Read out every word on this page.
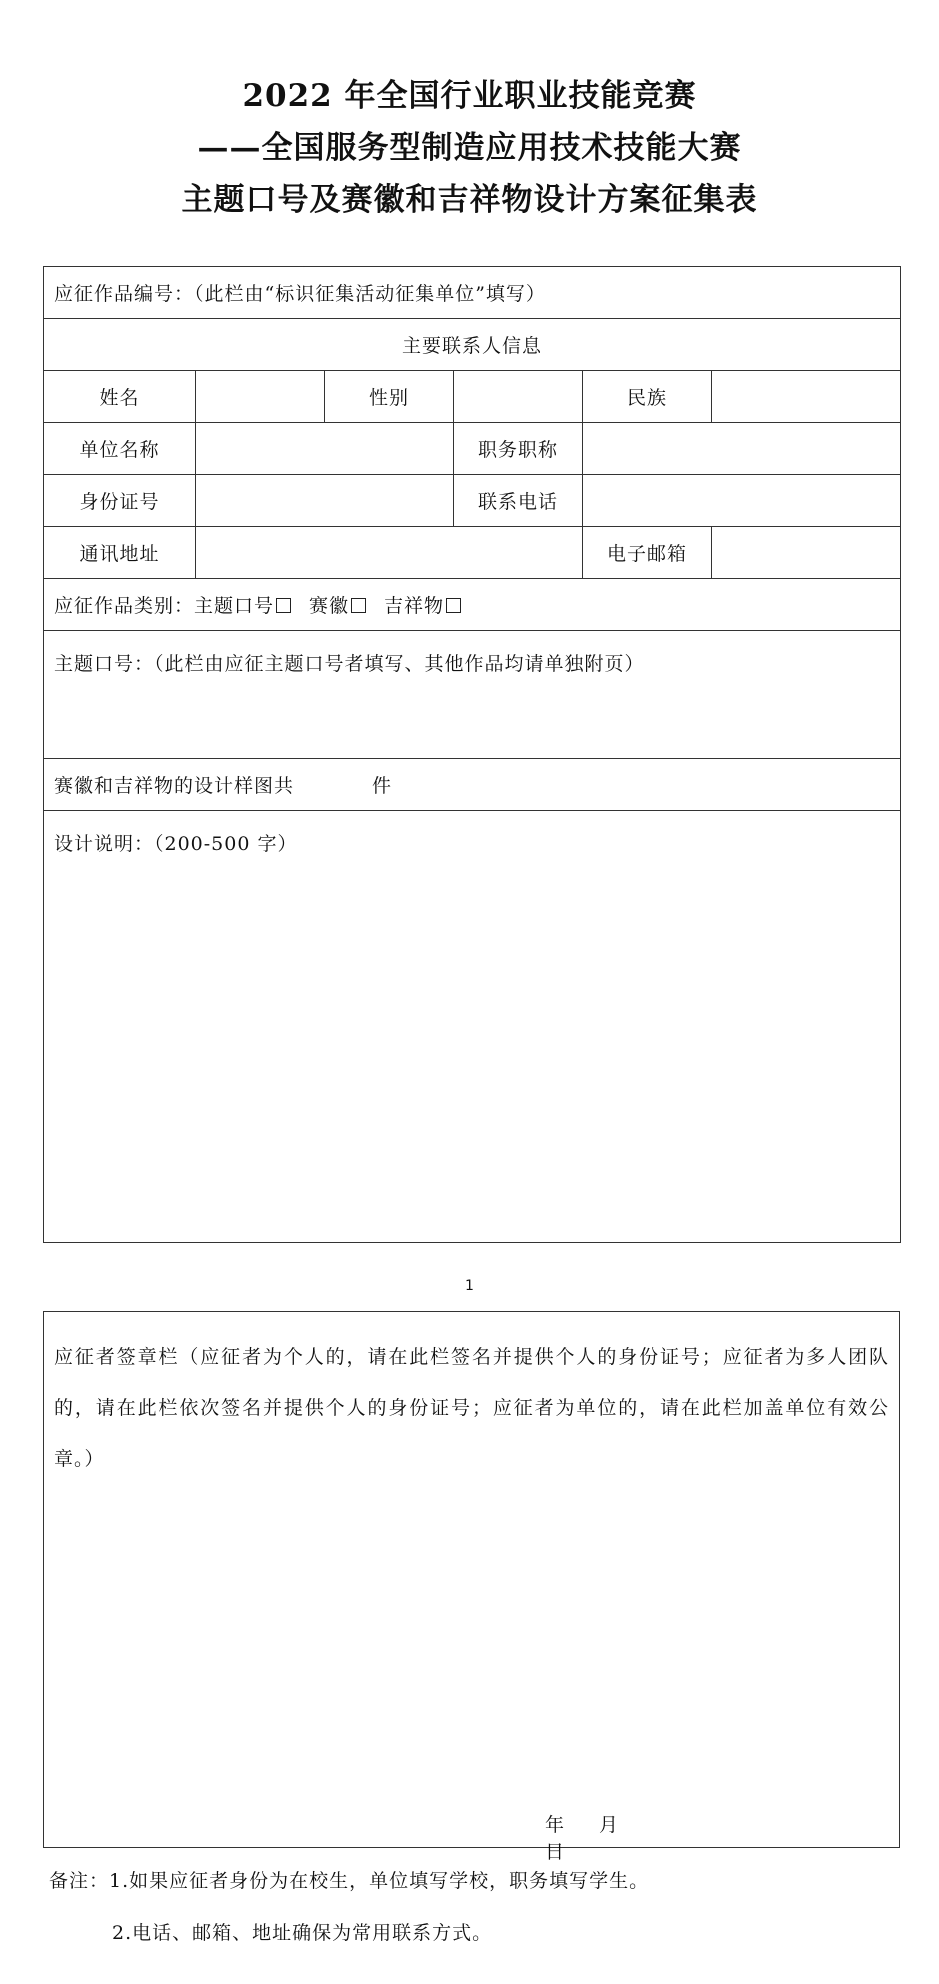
2022 年全国行业职业技能竞赛
——全国服务型制造应用技术技能大赛
主题口号及赛徽和吉祥物设计方案征集表
应征作品编号：（此栏由“标识征集活动征集单位”填写）					
主要联系人信息					
姓名		性别		民族	
单位名称			职务职称		
身份证号			联系电话		
通讯地址				电子邮箱	
应征作品类别：主题口号 赛徽 吉祥物					
主题口号：（此栏由应征主题口号者填写、其他作品均请单独附页）					
赛徽和吉祥物的设计样图共 件					
设计说明：（200-500 字）					
1
应征者签章栏（应征者为个人的，请在此栏签名并提供个人的身份证号；应征者为多人团队的，请在此栏依次签名并提供个人的身份证号；应征者为单位的，请在此栏加盖单位有效公章。）
年 月日
备注：1.如果应征者身份为在校生，单位填写学校，职务填写学生。
2.电话、邮箱、地址确保为常用联系方式。
